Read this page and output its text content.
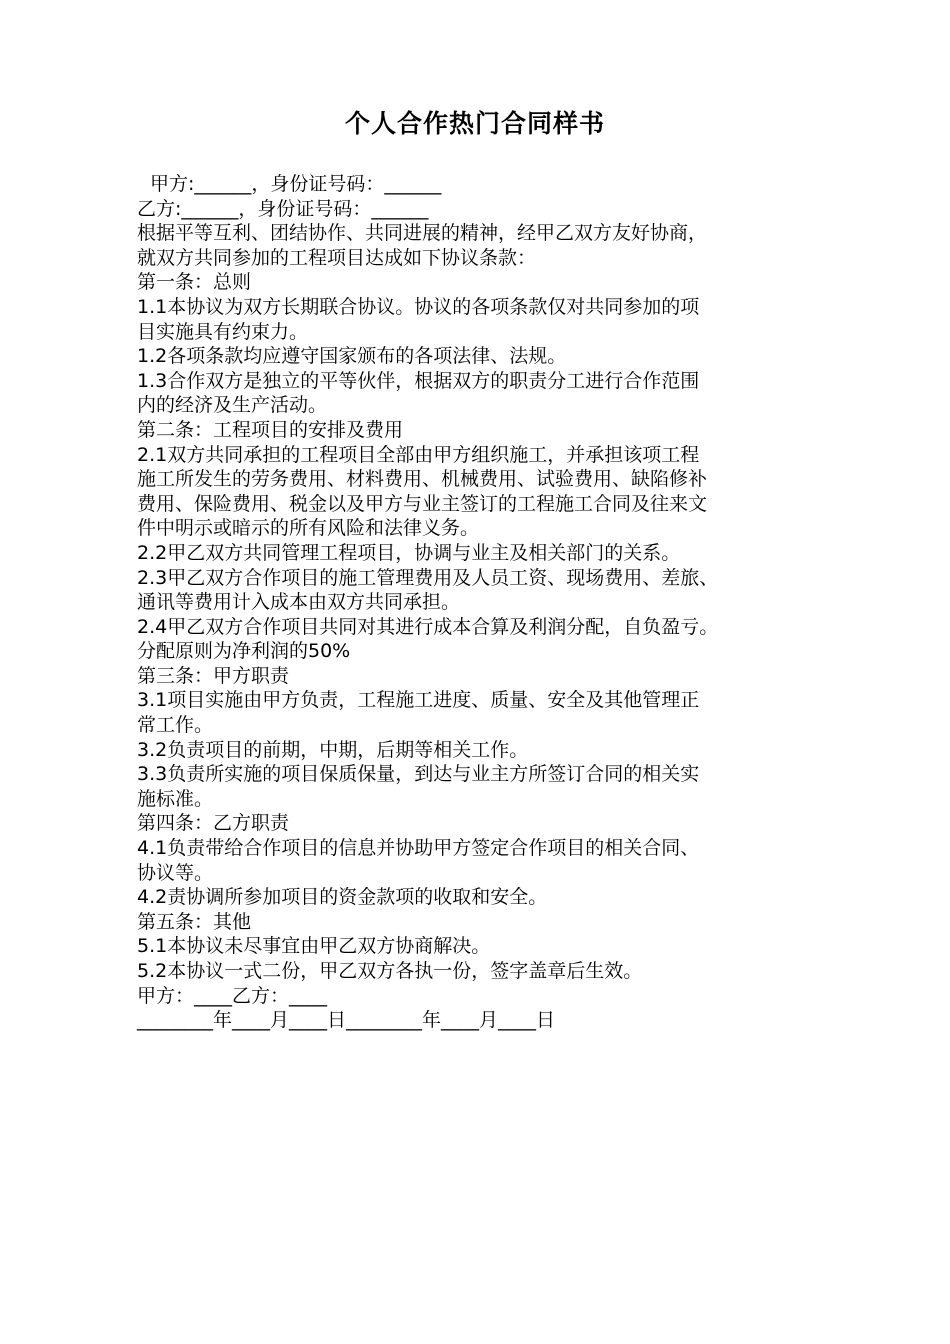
个人合作热门合同样书
甲方:______，身份证号码：______
乙方:______，身份证号码：______
根据平等互利、团结协作、共同进展的精神，经甲乙双方友好协商，
就双方共同参加的工程项目达成如下协议条款：
第一条：总则
1.1本协议为双方长期联合协议。协议的各项条款仅对共同参加的项
目实施具有约束力。
1.2各项条款均应遵守国家颁布的各项法律、法规。
1.3合作双方是独立的平等伙伴，根据双方的职责分工进行合作范围
内的经济及生产活动。
第二条：工程项目的安排及费用
2.1双方共同承担的工程项目全部由甲方组织施工，并承担该项工程
施工所发生的劳务费用、材料费用、机械费用、试验费用、缺陷修补
费用、保险费用、税金以及甲方与业主签订的工程施工合同及往来文
件中明示或暗示的所有风险和法律义务。
2.2甲乙双方共同管理工程项目，协调与业主及相关部门的关系。
2.3甲乙双方合作项目的施工管理费用及人员工资、现场费用、差旅、
通讯等费用计入成本由双方共同承担。
2.4甲乙双方合作项目共同对其进行成本合算及利润分配，自负盈亏。
分配原则为净利润的50%
第三条：甲方职责
3.1项目实施由甲方负责，工程施工进度、质量、安全及其他管理正
常工作。
3.2负责项目的前期，中期，后期等相关工作。
3.3负责所实施的项目保质保量，到达与业主方所签订合同的相关实
施标准。
第四条：乙方职责
4.1负责带给合作项目的信息并协助甲方签定合作项目的相关合同、
协议等。
4.2责协调所参加项目的资金款项的收取和安全。
第五条：其他
5.1本协议未尽事宜由甲乙双方协商解决。
5.2本协议一式二份，甲乙双方各执一份，签字盖章后生效。
甲方：____乙方：____
________年____月____日________年____月____日
